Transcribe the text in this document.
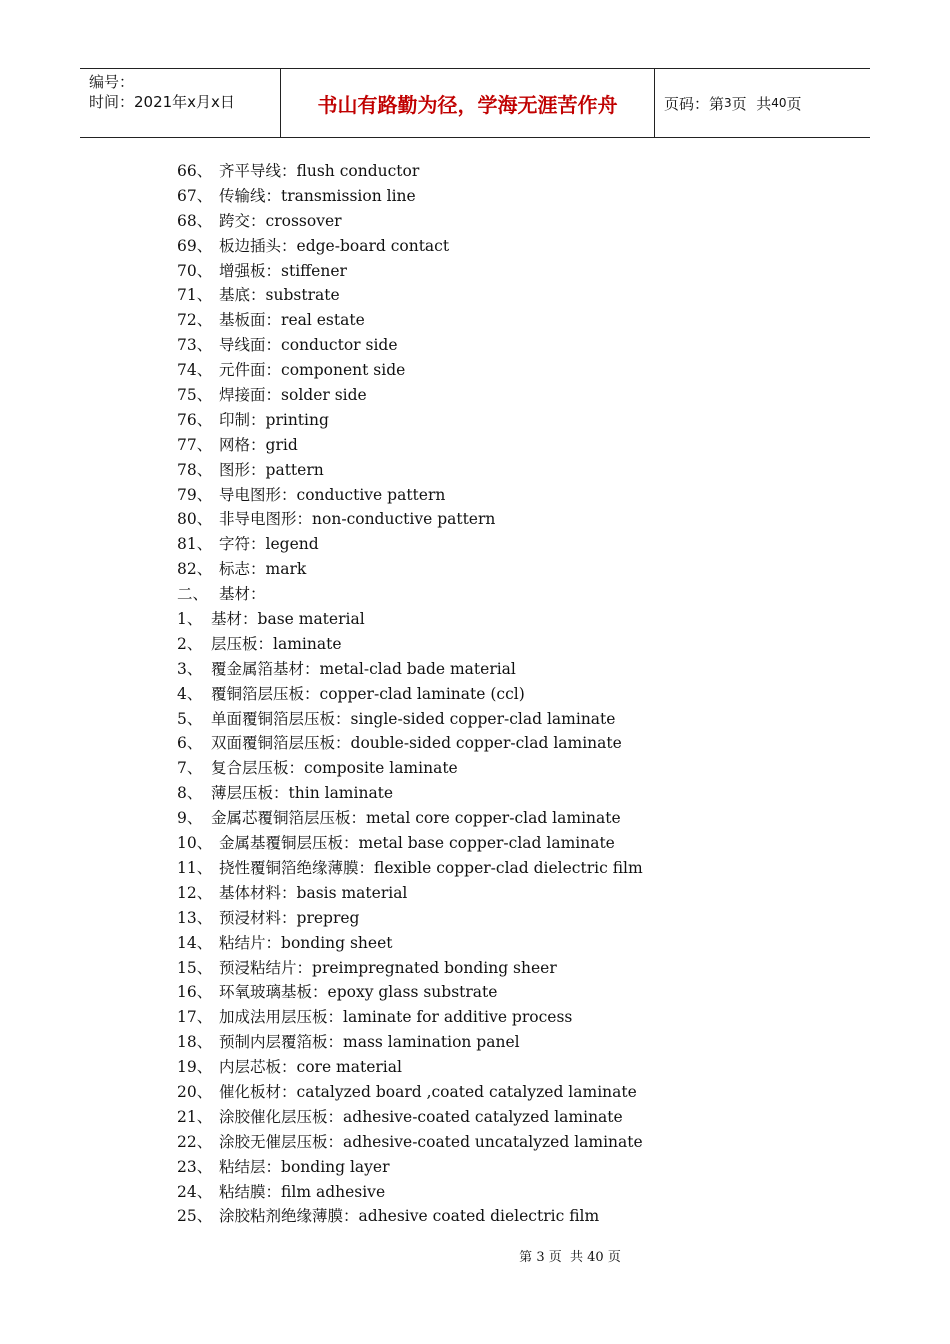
编号：
时间：2021年x月x日	书山有路勤为径，学海无涯苦作舟	页码：第 3 页  共 40 页
66、 齐平导线 ： flush conductor
67、 传输线 ： transmission line
68、 跨交 ： crossover
69、 板边插头 ： edge-board contact
70、 增强板 ： stiffener
71、 基底 ： substrate
72、 基板面 ： real estate
73、 导线面 ： conductor side
74、 元件面 ： component side
75、 焊接面 ： solder side
76、 印制 ： printing
77、 网格 ： grid
78、 图形 ： pattern
79、 导电图形 ： conductive pattern
80、 非导电图形 ： non-conductive pattern
81、 字符 ： legend
82、 标志 ： mark
二、 基材 ：
1、 基材 ： base material
2、 层压板 ： laminate
3、 覆金属箔基材 ： metal-clad bade material
4、 覆铜箔层压板 ： copper-clad laminate (ccl)
5、 单面覆铜箔层压板 ： single-sided copper-clad laminate
6、 双面覆铜箔层压板 ： double-sided copper-clad laminate
7、 复合层压板 ： composite laminate
8、 薄层压板 ： thin laminate
9、 金属芯覆铜箔层压板 ： metal core copper-clad laminate
10、 金属基覆铜层压板 ： metal base copper-clad laminate
11、 挠性覆铜箔绝缘薄膜 ： flexible copper-clad dielectric film
12、 基体材料 ： basis material
13、 预浸材料 ： prepreg
14、 粘结片 ： bonding sheet
15、 预浸粘结片 ： preimpregnated bonding sheer
16、 环氧玻璃基板 ： epoxy glass substrate
17、 加成法用层压板 ： laminate for additive process
18、 预制内层覆箔板 ： mass lamination panel
19、 内层芯板 ： core material
20、 催化板材 ： catalyzed board ,coated catalyzed laminate
21、 涂胶催化层压板 ： adhesive-coated catalyzed laminate
22、 涂胶无催层压板 ： adhesive-coated uncatalyzed laminate
23、 粘结层 ： bonding layer
24、 粘结膜 ： film adhesive
25、 涂胶粘剂绝缘薄膜 ： adhesive coated dielectric film
第 3 页  共 40 页
